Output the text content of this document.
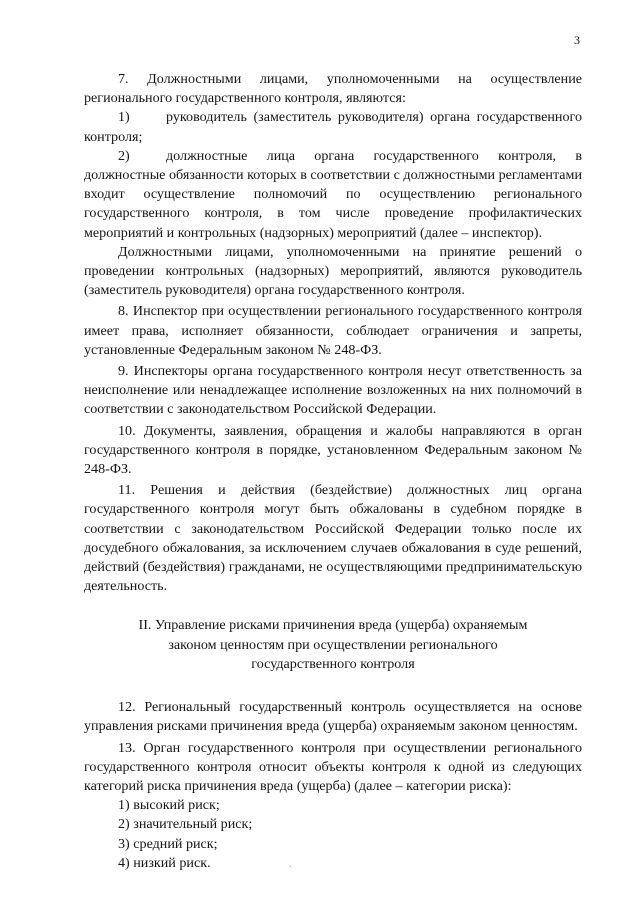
3

7. Должностными лицами, уполномоченными на осуществление регионального государственного контроля, являются:

1)	руководитель (заместитель руководителя) органа государственного контроля;

2)	должностные лица органа государственного контроля, в должностные обязанности которых в соответствии с должностными регламентами входит осуществление полномочий по осуществлению регионального государственного контроля, в том числе проведение профилактических мероприятий и контрольных (надзорных) мероприятий (далее – инспектор).

Должностными лицами, уполномоченными на принятие решений о проведении контрольных (надзорных) мероприятий, являются руководитель (заместитель руководителя) органа государственного контроля.

8. Инспектор при осуществлении регионального государственного контроля имеет права, исполняет обязанности, соблюдает ограничения и запреты, установленные Федеральным законом № 248-ФЗ.

9. Инспекторы органа государственного контроля несут ответственность за неисполнение или ненадлежащее исполнение возложенных на них полномочий в соответствии с законодательством Российской Федерации.

10. Документы, заявления, обращения и жалобы направляются в орган государственного контроля в порядке, установленном Федеральным законом № 248-ФЗ.

11. Решения и действия (бездействие) должностных лиц органа государственного контроля могут быть обжалованы в судебном порядке в соответствии с законодательством Российской Федерации только после их досудебного обжалования, за исключением случаев обжалования в суде решений, действий (бездействия) гражданами, не осуществляющими предпринимательскую деятельность.

II. Управление рисками причинения вреда (ущерба) охраняемым
законом ценностям при осуществлении регионального
государственного контроля

12. Региональный государственный контроль осуществляется на основе управления рисками причинения вреда (ущерба) охраняемым законом ценностям.

13. Орган государственного контроля при осуществлении регионального государственного контроля относит объекты контроля к одной из следующих категорий риска причинения вреда (ущерба) (далее – категории риска):

1) высокий риск;

2) значительный риск;

3) средний риск;

4) низкий риск.	ˎ
